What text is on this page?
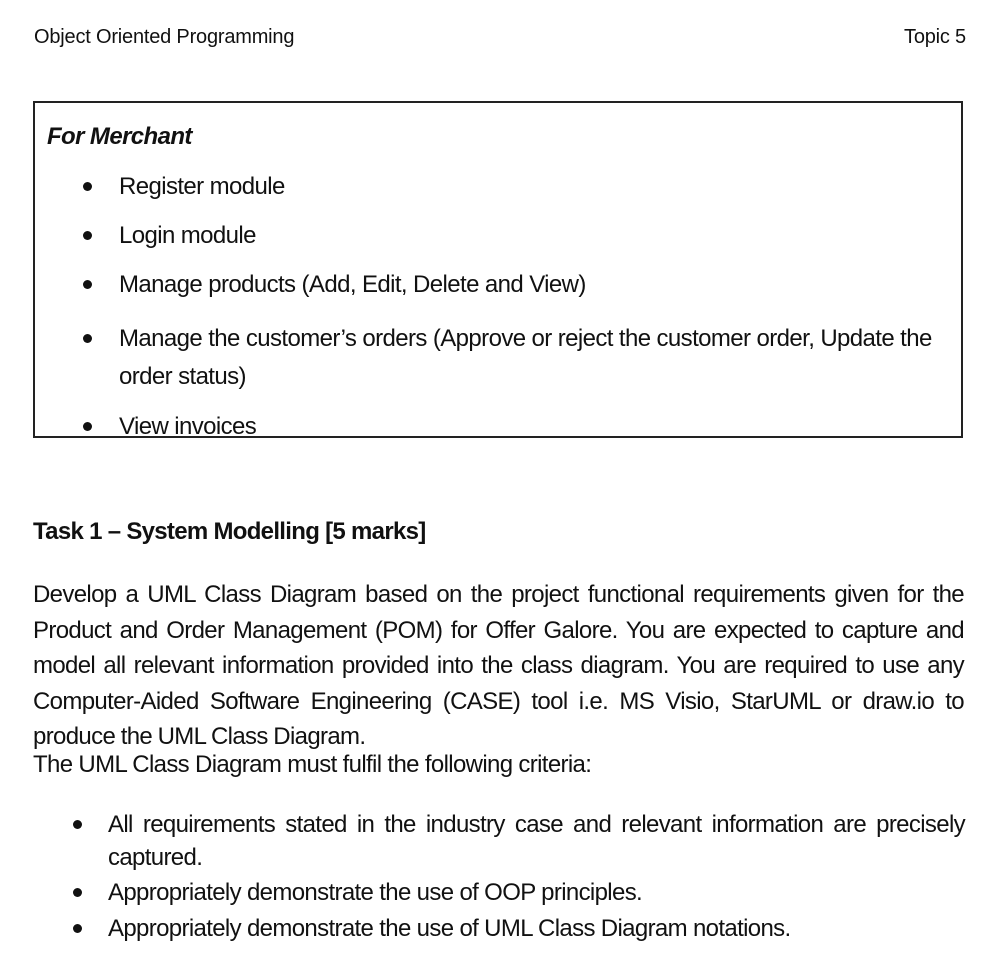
Object Oriented Programming	Topic 5
For Merchant
Register module
Login module
Manage products (Add, Edit, Delete and View)
Manage the customer’s orders (Approve or reject the customer order, Update the order status)
View invoices
Task 1 – System Modelling [5 marks]

Develop a UML Class Diagram based on the project functional requirements given for the Product and Order Management (POM) for Offer Galore. You are expected to capture and model all relevant information provided into the class diagram. You are required to use any Computer-Aided Software Engineering (CASE) tool i.e. MS Visio, StarUML or draw.io to produce the UML Class Diagram.

The UML Class Diagram must fulfil the following criteria:
All requirements stated in the industry case and relevant information are precisely captured.
Appropriately demonstrate the use of OOP principles.
Appropriately demonstrate the use of UML Class Diagram notations.
